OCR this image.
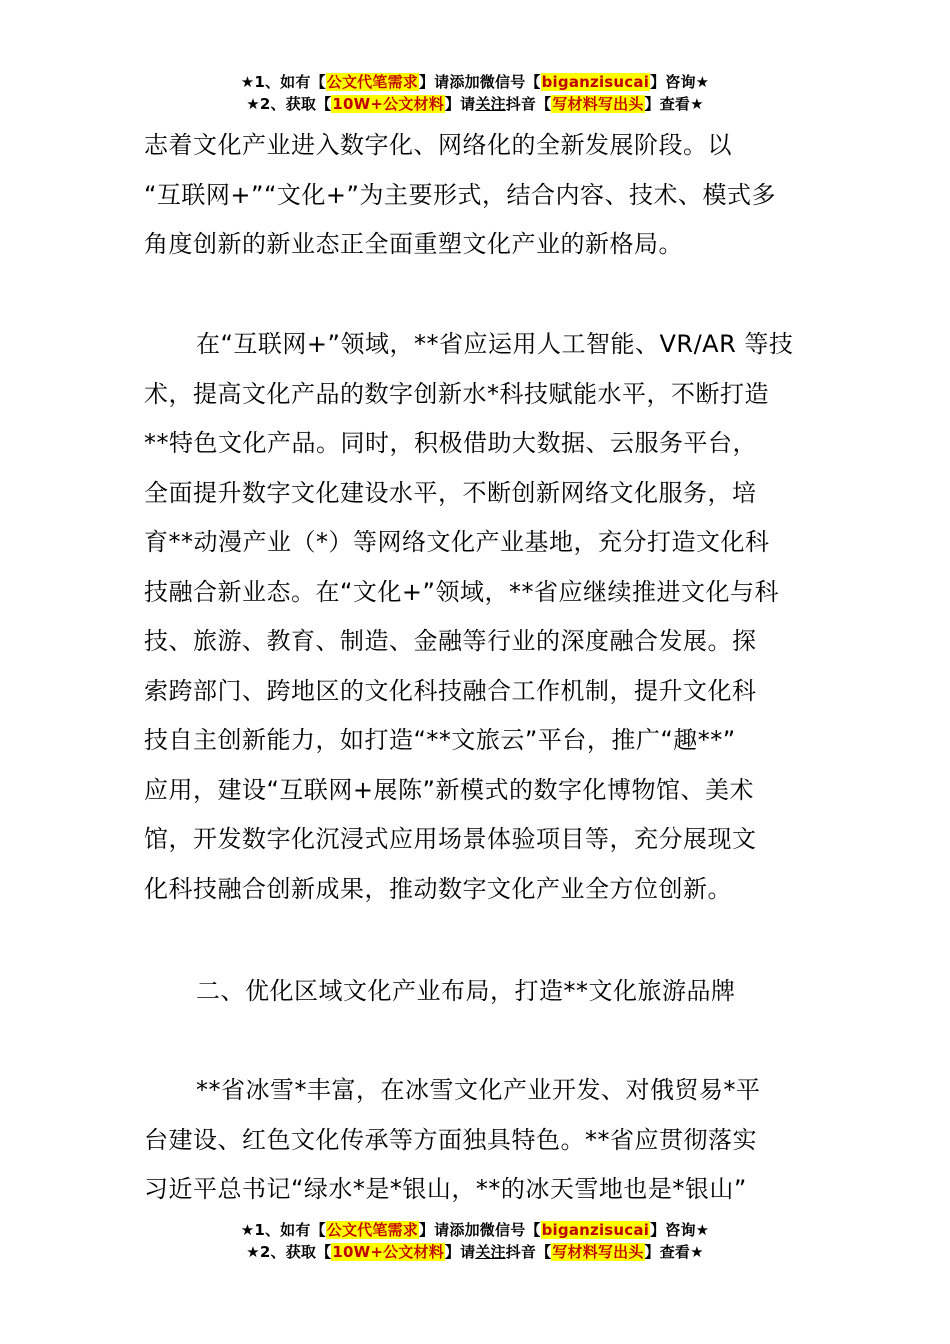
★1、如有【公文代笔需求】请添加微信号【biganzisucai】咨询★
★2、获取【10W+公文材料】请关注抖音【写材料写出头】查看★
志着文化产业进入数字化、网络化的全新发展阶段。以
“互联网+”“文化+”为主要形式，结合内容、技术、模式多
角度创新的新业态正全面重塑文化产业的新格局。
在“互联网+”领域，**省应运用人工智能、VR/AR 等技
术，提高文化产品的数字创新水*科技赋能水平，不断打造
**特色文化产品。同时，积极借助大数据、云服务平台，
全面提升数字文化建设水平，不断创新网络文化服务，培
育**动漫产业（*）等网络文化产业基地，充分打造文化科
技融合新业态。在“文化+”领域，**省应继续推进文化与科
技、旅游、教育、制造、金融等行业的深度融合发展。探
索跨部门、跨地区的文化科技融合工作机制，提升文化科
技自主创新能力，如打造“**文旅云”平台，推广“趣**”
应用，建设“互联网+展陈”新模式的数字化博物馆、美术
馆，开发数字化沉浸式应用场景体验项目等，充分展现文
化科技融合创新成果，推动数字文化产业全方位创新。
二、优化区域文化产业布局，打造**文化旅游品牌
**省冰雪*丰富，在冰雪文化产业开发、对俄贸易*平
台建设、红色文化传承等方面独具特色。**省应贯彻落实
习近平总书记“绿水*是*银山，**的冰天雪地也是*银山”
★1、如有【公文代笔需求】请添加微信号【biganzisucai】咨询★
★2、获取【10W+公文材料】请关注抖音【写材料写出头】查看★
